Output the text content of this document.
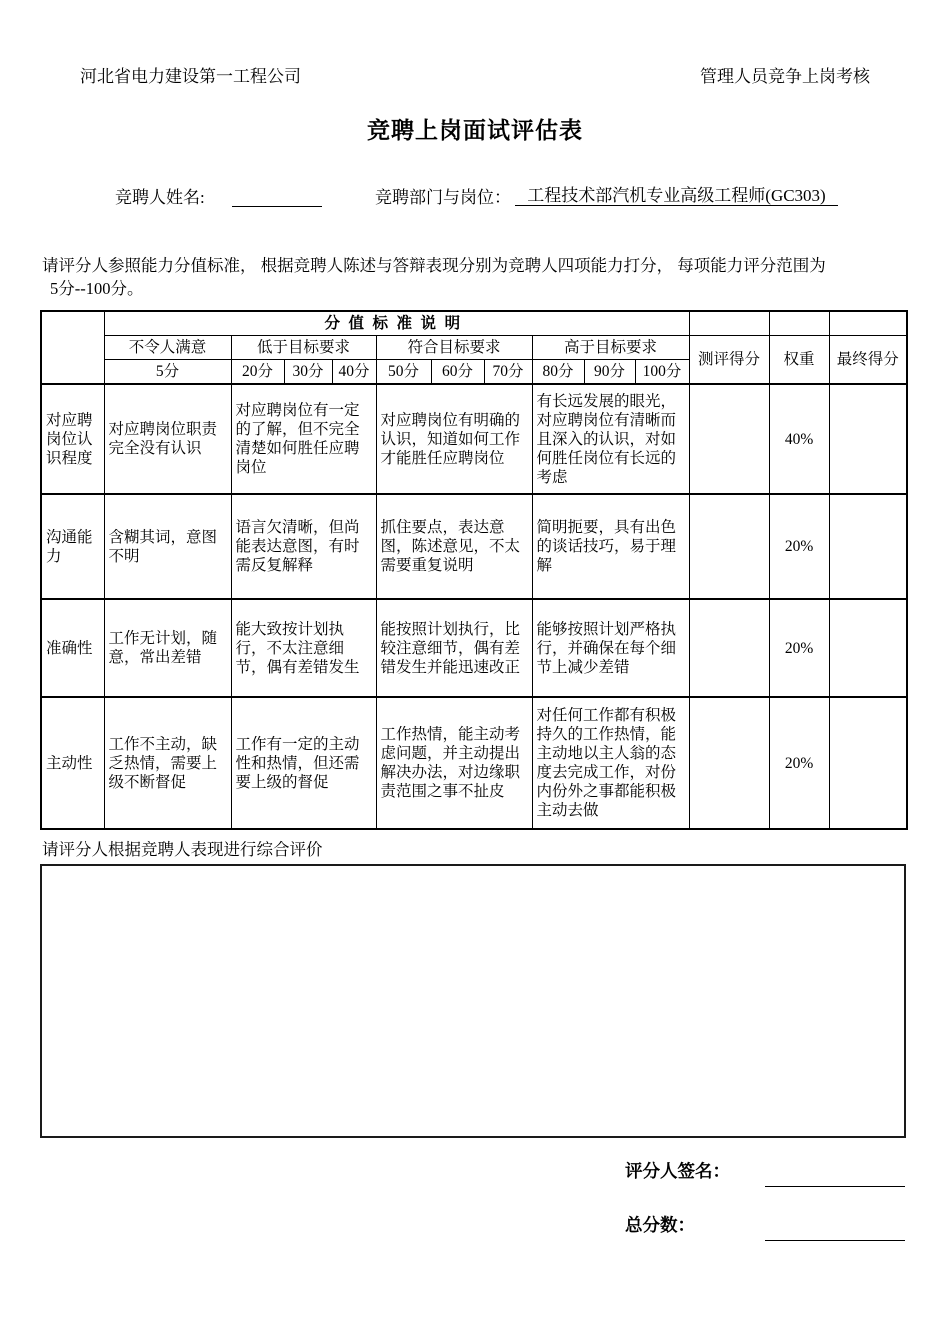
河北省电力建设第一工程公司	管理人员竞争上岗考核
竞聘上岗面试评估表
竞聘人姓名:	竞聘部门与岗位： 工程技术部汽机专业高级工程师(GC303)
请评分人参照能力分值标准， 根据竞聘人陈述与答辩表现分别为竞聘人四项能力打分， 每项能力评分范围为
5分--100分。
	分值标准说明												
	不令人满意	低于目标要求			符合目标要求			高于目标要求			测评得分	权重	最终得分
	5分	20分	30分	40分	50分	60分	70分	80分	90分	100分			
对应聘岗位认识程度	对应聘岗位职责完全没有认识	对应聘岗位有一定的了解，但不完全清楚如何胜任应聘岗位			对应聘岗位有明确的认识，知道如何工作才能胜任应聘岗位			有长远发展的眼光，对应聘岗位有清晰而且深入的认识，对如何胜任岗位有长远的考虑				40%	
沟通能力	含糊其词，意图不明	语言欠清晰，但尚能表达意图，有时需反复解释			抓住要点，表达意图，陈述意见，不太需要重复说明			简明扼要，具有出色的谈话技巧，易于理解				20%	
准确性	工作无计划，随意，常出差错	能大致按计划执行，不太注意细节，偶有差错发生			能按照计划执行，比较注意细节，偶有差错发生并能迅速改正			能够按照计划严格执行，并确保在每个细节上减少差错				20%	
主动性	工作不主动，缺乏热情，需要上级不断督促	工作有一定的主动性和热情，但还需要上级的督促			工作热情，能主动考虑问题，并主动提出解决办法，对边缘职责范围之事不扯皮			对任何工作都有积极持久的工作热情，能主动地以主人翁的态度去完成工作，对份内份外之事都能积极主动去做				20%	
请评分人根据竞聘人表现进行综合评价
评分人签名：
总分数：
